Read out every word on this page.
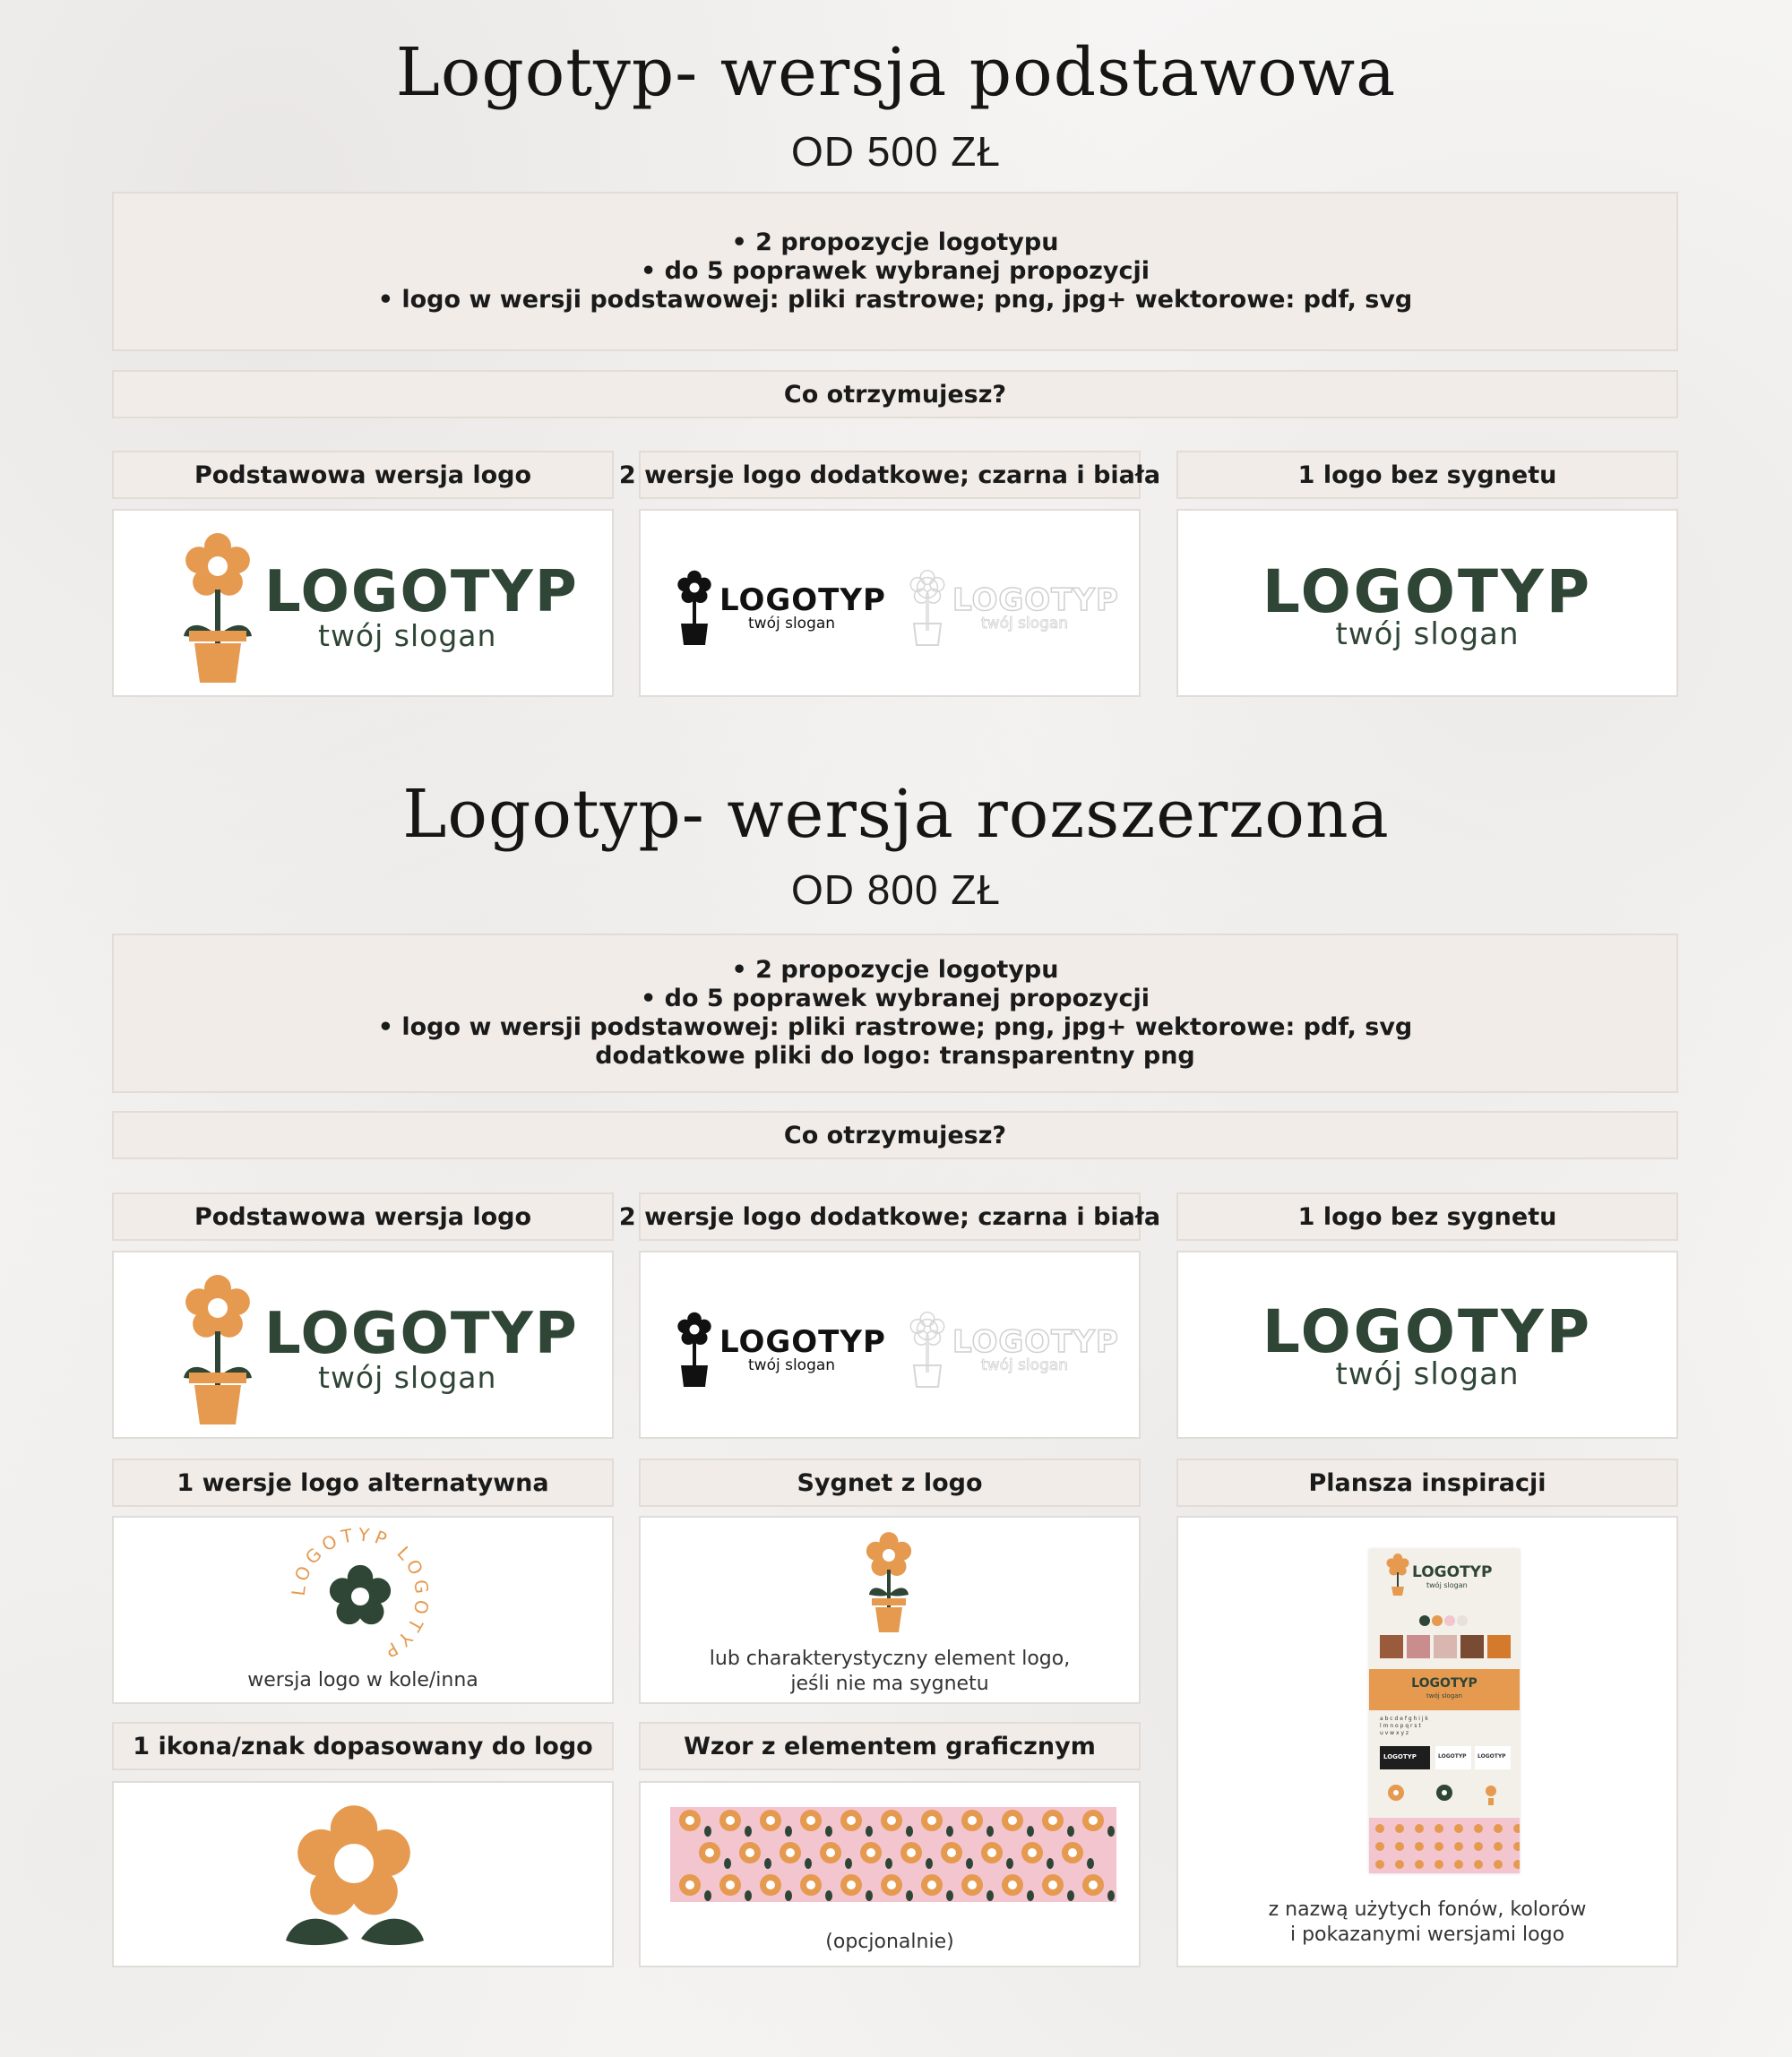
Logotyp- wersja podstawowa
OD 500 ZŁ
• 2 propozycje logotypu
• do 5 poprawek wybranej propozycji
• logo w wersji podstawowej: pliki rastrowe; png, jpg+ wektorowe: pdf, svg
Co otrzymujesz?
Podstawowa wersja logo	2 wersje logo dodatkowe; czarna i biała	1 logo bez sygnetu
LOGOTYP
twój slogan
LOGOTYP
twój slogan
LOGOTYP
twój slogan	LOGOTYP
twój slogan
Logotyp- wersja rozszerzona
OD 800 ZŁ
• 2 propozycje logotypu
• do 5 poprawek wybranej propozycji
• logo w wersji podstawowej: pliki rastrowe; png, jpg+ wektorowe: pdf, svg
dodatkowe pliki do logo: transparentny png
Co otrzymujesz?
Podstawowa wersja logo	2 wersje logo dodatkowe; czarna i biała	1 logo bez sygnetu
LOGOTYP
twój slogan
LOGOTYP
twój slogan
LOGOTYP
twój slogan	LOGOTYP
twój slogan
1 wersje logo alternatywna	Sygnet z logo	Plansza inspiracji
LOGOTYP LOGOTYP
wersja logo w kole/inna
lub charakterystyczny element logo,
jeśli nie ma sygnetu
LOGOTYP
twój slogan
LOGOTYP
twój slogan
a b c d e f g h i j k
l m n o p q r s t
u v w x y z
LOGOTYP	LOGOTYP LOGOTYP
z nazwą użytych fonów, kolorów
i pokazanymi wersjami logo
1 ikona/znak dopasowany do logo	Wzor z elementem graficznym
(opcjonalnie)
